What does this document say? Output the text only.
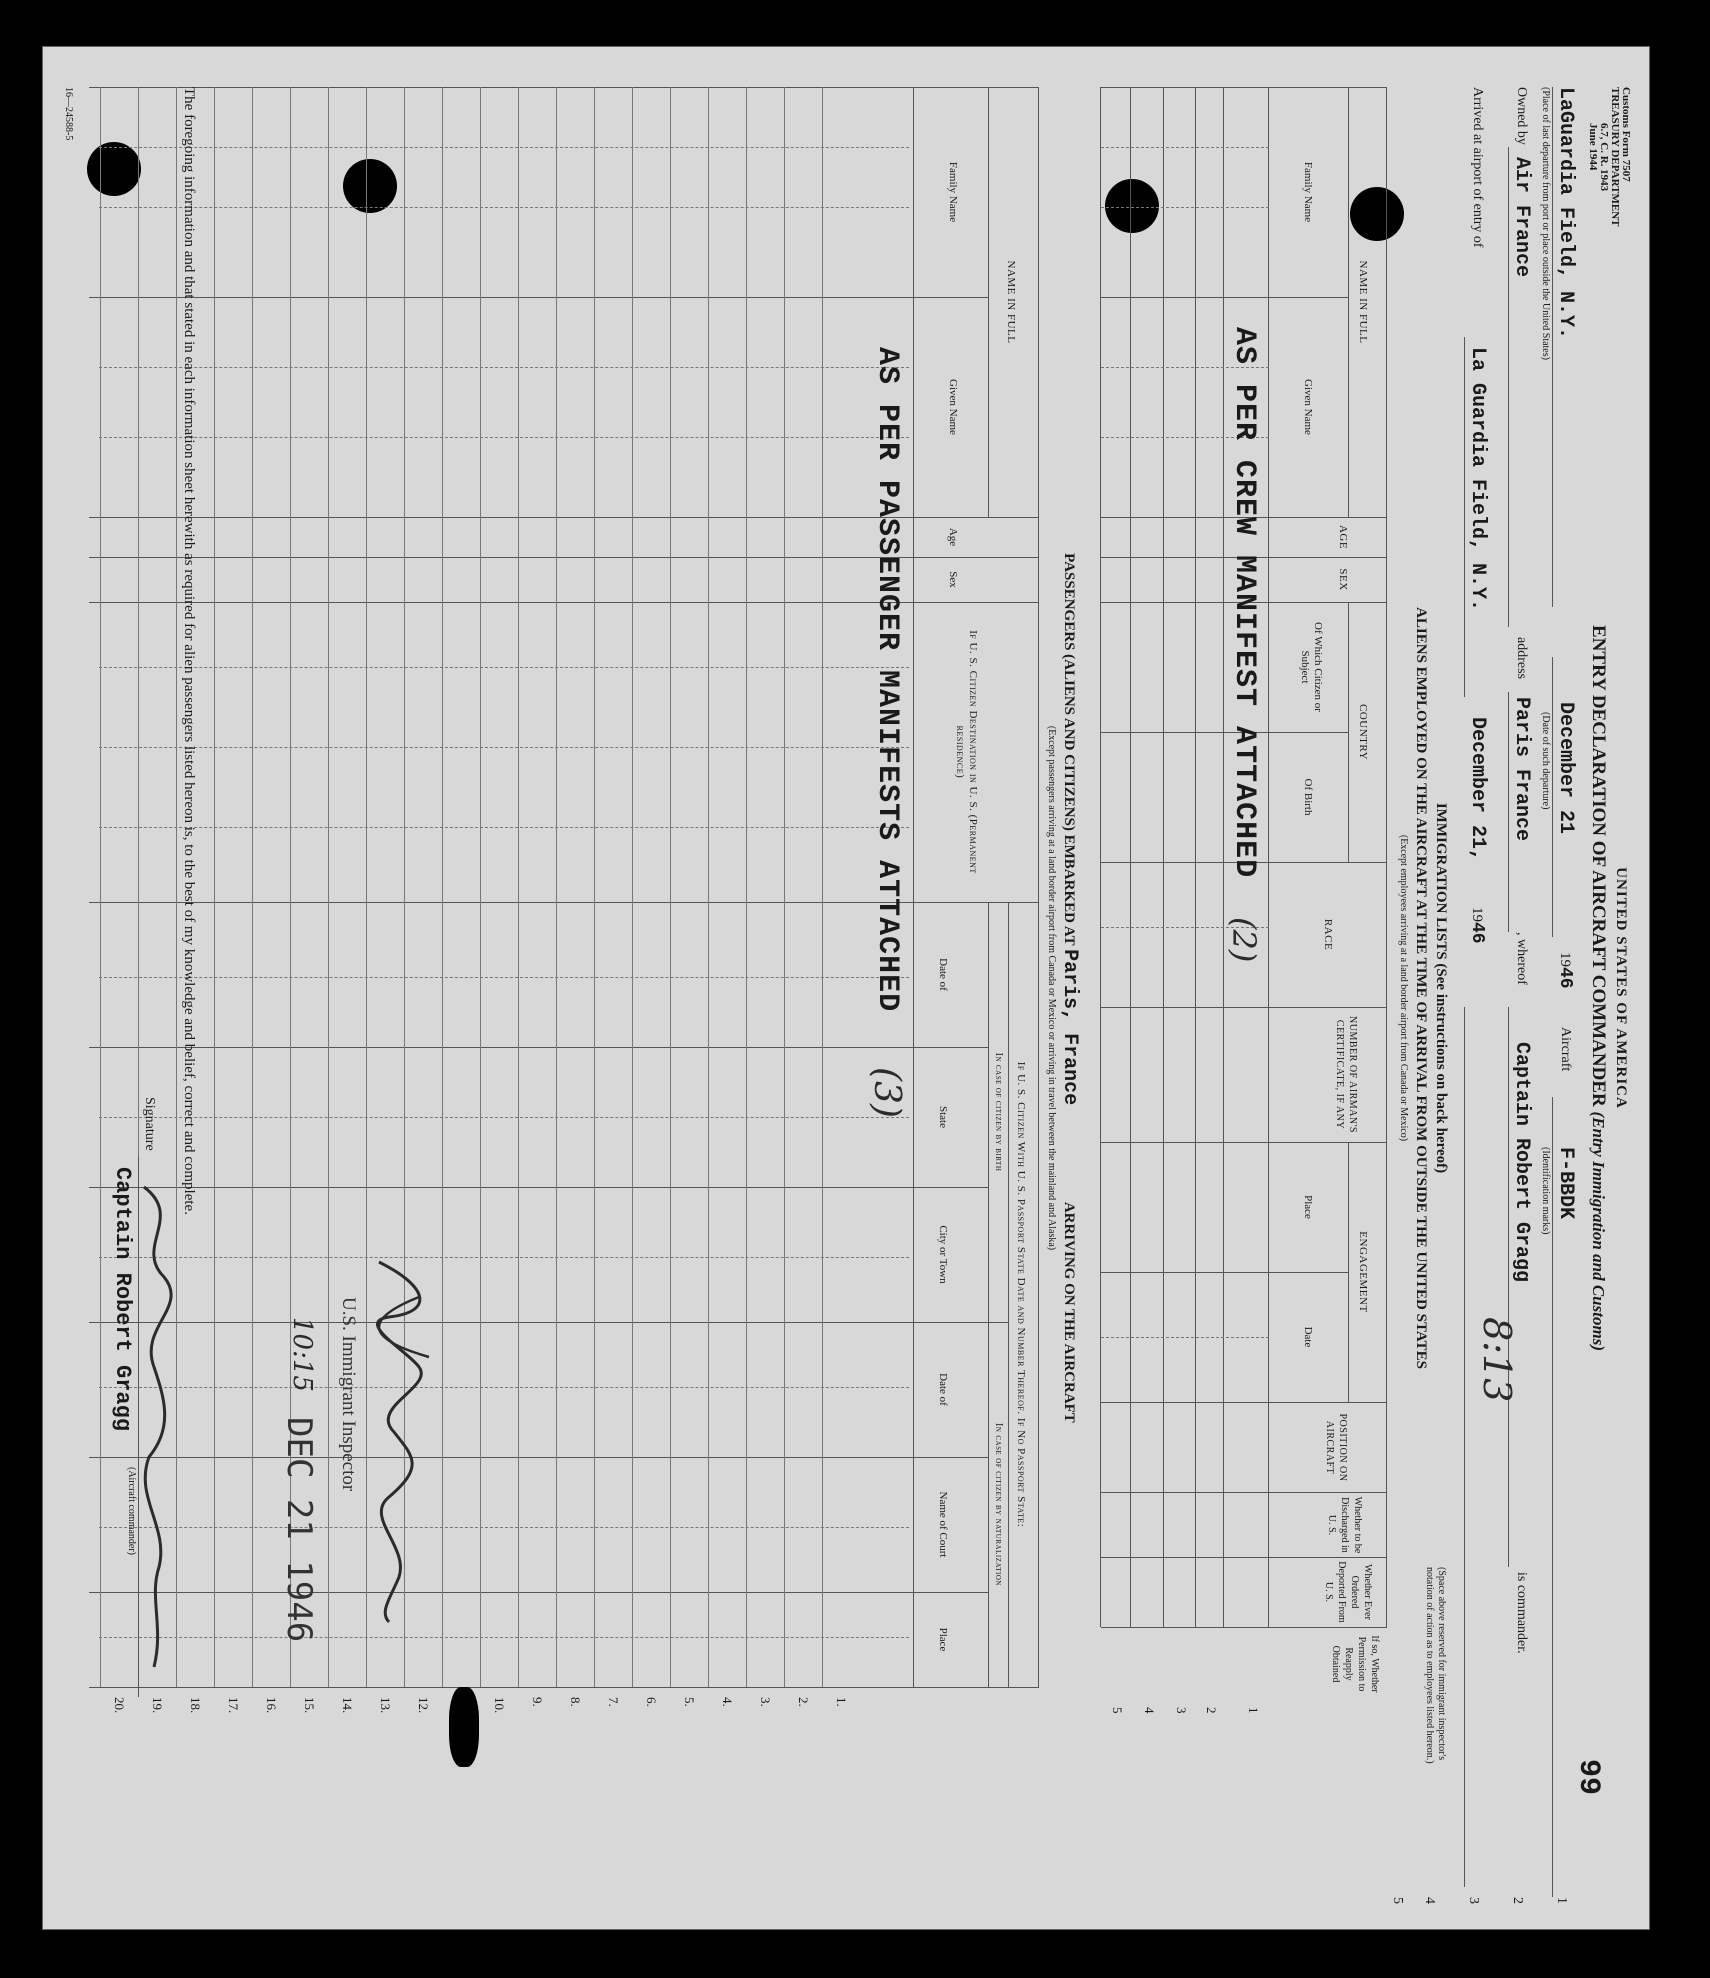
Customs Form 7507
TREASURY DEPARTMENT
6.7, C. R. 1943
June 1944
UNITED STATES OF AMERICA
ENTRY DECLARATION OF AIRCRAFT COMMANDER (Entry Immigration and Customs)
99
LaGuardia Field, N.Y.
(Place of last departure from port or place outside the United States)
December 21
(Date of such departure)
1946
Aircraft
F-BBDK
(Identification marks)
1
Owned by
Air France
address
Paris France
, whereof
Captain Robert Gragg
is commander.
2
Arrived at airport of entry of
La Guardia Field, N.Y.
December 21,
1946
3
IMMIGRATION LISTS (See instructions on back hereof)
ALIENS EMPLOYED ON THE AIRCRAFT AT THE TIME OF ARRIVAL FROM OUTSIDE THE UNITED STATES
(Except employees arriving at a land border airport from Canada or Mexico)
(Space above reserved for immigrant inspector's notation of action as to employees listed hereon.)
4
5
NAME IN FULL
Family Name
Given Name
AGE
SEX
COUNTRY
Of Which Citizen or Subject
Of Birth
RACE
NUMBER OF AIRMAN'S CERTIFICATE, IF ANY
ENGAGEMENT
Place
Date
POSITION ON AIRCRAFT
Whether to be Discharged in U. S.
Whether Ever Ordered Deported From U. S.
If so, Whether Permission to Reapply Obtained
1
2
3
4
5
AS PER CREW MANIFEST ATTACHED
(2)
8:13
PASSENGERS (ALIENS AND CITIZENS) EMBARKED AT Paris, France  ARRIVING ON THE AIRCRAFT
(Except passengers arriving at a land border airport from Canada or Mexico or arriving in travel between the mainland and Alaska)
NAME IN FULL
Family Name
Given Name
Age
Sex
If U. S. Citizen Destination in U. S. (Permanent residence)
If U. S. Citizen With U. S. Passport State Date and Number Thereof. If No Passport State:
In case of citizen by birth
In case of citizen by naturalization
Date of
State
City or Town
Date of
Name of Court
Place
1.
2.
3.
4.
5.
6.
7.
8.
9.
10.
12.
13.
14.
15.
16.
17.
18.
19.
20.
AS PER PASSENGER MANIFESTS ATTACHED
(3)
U.S. Immigrant Inspector
10:15
DEC 21 1946
The foregoing information and that stated in each information sheet herewith as required for alien passengers listed hereon is, to the best of my knowledge and belief, correct and complete.
Signature
Captain Robert Gragg
(Aircraft commander)
16—24588-5
